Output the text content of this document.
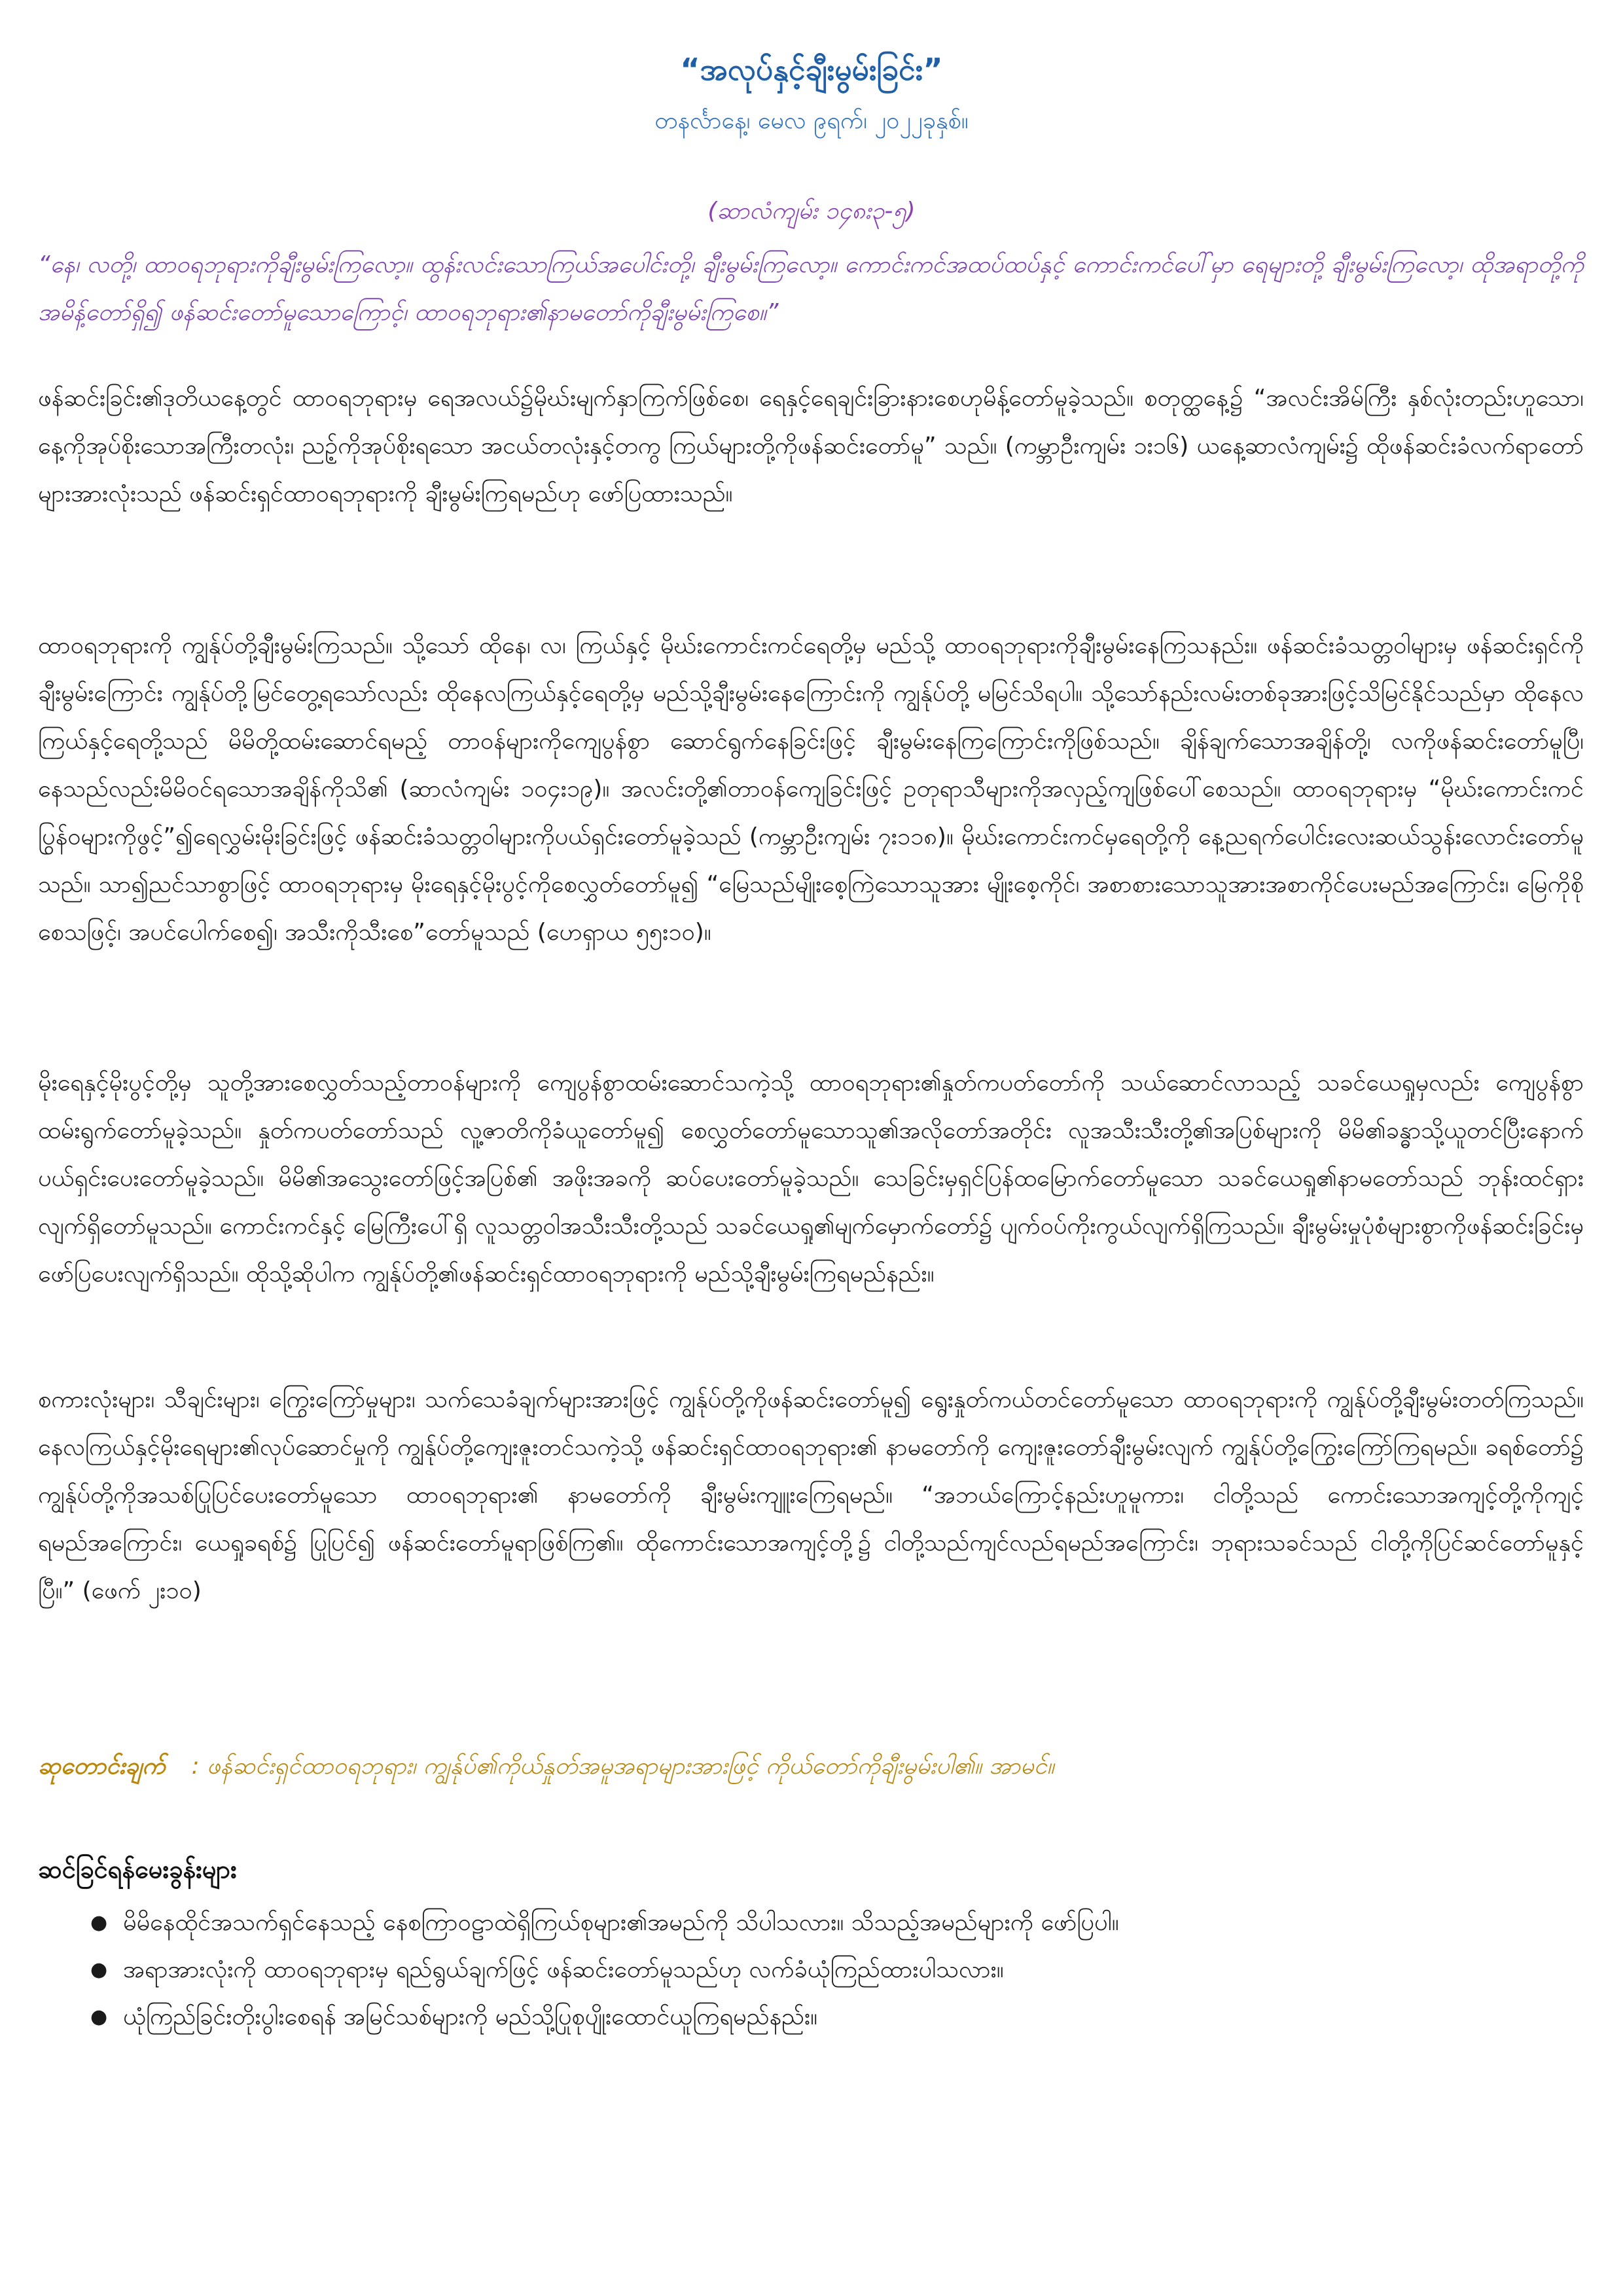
“အလုပ်နှင့်ချီးမွမ်းခြင်း”
တနင်္လာနေ့၊ မေလ ၉ရက်၊ ၂၀၂၂ခုနှစ်။
(ဆာလံကျမ်း ၁၄၈း၃-၅)
“နေ၊ လတို့၊ ထာဝရဘုရားကိုချီးမွမ်းကြလော့။ ထွန်းလင်းသောကြယ်အပေါင်းတို့၊ ချီးမွမ်းကြလော့။ ကောင်းကင်အထပ်ထပ်နှင့် ကောင်းကင်ပေါ်မှာ ရေများတို့ ချီးမွမ်းကြလော့၊ ထိုအရာတို့ကိုအမိန့်တော်ရှိ၍ ဖန်ဆင်းတော်မူသောကြောင့်၊ ထာဝရဘုရား၏နာမတော်ကိုချီးမွမ်းကြစေ။”
ဖန်ဆင်းခြင်း၏ဒုတိယနေ့တွင် ထာဝရဘုရားမှ ရေအလယ်၌မိုဃ်းမျက်နှာကြက်ဖြစ်စေ၊ ရေနှင့်ရေချင်းခြားနားစေဟုမိန့်တော်မူခဲ့သည်။ စတုတ္ထနေ့၌ “အလင်းအိမ်ကြီး နှစ်လုံးတည်းဟူသော၊ နေ့ကိုအုပ်စိုးသောအကြီးတလုံး၊ ညဉ့်ကိုအုပ်စိုးရသော အငယ်တလုံးနှင့်တကွ ကြယ်များတို့ကိုဖန်ဆင်းတော်မူ” သည်။ (ကမ္ဘာဦးကျမ်း ၁း၁၆) ယနေ့ဆာလံကျမ်း၌ ထိုဖန်ဆင်းခံလက်ရာတော်များအားလုံးသည် ဖန်ဆင်းရှင်ထာဝရဘုရားကို ချီးမွမ်းကြရမည်ဟု ဖော်ပြထားသည်။
ထာဝရဘုရားကို ကျွန်ုပ်တို့ချီးမွမ်းကြသည်။ သို့သော် ထိုနေ၊ လ၊ ကြယ်နှင့် မိုဃ်းကောင်းကင်ရေတို့မှ မည်သို့ ထာဝရဘုရားကိုချီးမွမ်းနေကြသနည်း။ ဖန်ဆင်းခံသတ္တဝါများမှ ဖန်ဆင်းရှင်ကိုချီးမွမ်းကြောင်း ကျွန်ုပ်တို့မြင်တွေ့ရသော်လည်း ထိုနေလကြယ်နှင့်ရေတို့မှ မည်သို့ချီးမွမ်းနေကြောင်းကို ကျွန်ုပ်တို့ မမြင်သိရပါ။ သို့သော်နည်းလမ်းတစ်ခုအားဖြင့်သိမြင်နိုင်သည်မှာ ထိုနေလကြယ်နှင့်ရေတို့သည် မိမိတို့ထမ်းဆောင်ရမည့် တာဝန်များကိုကျေပွန်စွာ ဆောင်ရွက်နေခြင်းဖြင့် ချီးမွမ်းနေကြကြောင်းကိုဖြစ်သည်။ ချိန်ချက်သောအချိန်တို့၊ လကိုဖန်ဆင်းတော်မူပြီ၊ နေသည်လည်းမိမိဝင်ရသောအချိန်ကိုသိ၏ (ဆာလံကျမ်း ၁၀၄း၁၉)။ အလင်းတို့၏တာဝန်ကျေခြင်းဖြင့် ဥတုရာသီများကိုအလှည့်ကျဖြစ်ပေါ်စေသည်။ ထာဝရဘုရားမှ “မိုဃ်းကောင်းကင်ပြွန်ဝများကိုဖွင့်”၍ရေလွှမ်းမိုးခြင်းဖြင့် ဖန်ဆင်းခံသတ္တဝါများကိုပယ်ရှင်းတော်မူခဲ့သည် (ကမ္ဘာဦးကျမ်း ၇း၁၁၈)။ မိုဃ်းကောင်းကင်မှရေတို့ကို နေ့ညရက်ပေါင်းလေးဆယ်သွန်းလောင်းတော်မူသည်။ သာ၍ညင်သာစွာဖြင့် ထာဝရဘုရားမှ မိုးရေနှင့်မိုးပွင့်ကိုစေလွှတ်တော်မူ၍ “မြေသည်မျိုးစေ့ကြဲသောသူအား မျိုးစေ့ကိုင်၊ အစာစားသောသူအားအစာကိုင်ပေးမည်အကြောင်း၊ မြေကိုစိုစေသဖြင့်၊ အပင်ပေါက်စေ၍၊ အသီးကိုသီးစေ”တော်မူသည် (ဟေရှာယ ၅၅း၁၀)။
မိုးရေနှင့်မိုးပွင့်တို့မှ သူတို့အားစေလွှတ်သည့်တာဝန်များကို ကျေပွန်စွာထမ်းဆောင်သကဲ့သို့ ထာဝရဘုရား၏နှုတ်ကပတ်တော်ကို သယ်ဆောင်လာသည့် သခင်ယေရှုမှလည်း ကျေပွန်စွာထမ်းရွက်တော်မူခဲ့သည်။ နှုတ်ကပတ်တော်သည် လူ့ဇာတိကိုခံယူတော်မူ၍ စေလွှတ်တော်မူသောသူ၏အလိုတော်အတိုင်း လူအသီးသီးတို့၏အပြစ်များကို မိမိ၏ခန္ဓာသို့ယူတင်ပြီးနောက် ပယ်ရှင်းပေးတော်မူခဲ့သည်။ မိမိ၏အသွေးတော်ဖြင့်အပြစ်၏ အဖိုးအခကို ဆပ်ပေးတော်မူခဲ့သည်။ သေခြင်းမှရှင်ပြန်ထမြောက်တော်မူသော သခင်ယေရှု၏နာမတော်သည် ဘုန်းထင်ရှားလျက်ရှိတော်မူသည်။ ကောင်းကင်နှင့် မြေကြီးပေါ်ရှိ လူသတ္တဝါအသီးသီးတို့သည် သခင်ယေရှု၏မျက်မှောက်တော်၌ ပျက်ဝပ်ကိုးကွယ်လျက်ရှိကြသည်။ ချီးမွမ်းမှုပုံစံများစွာကိုဖန်ဆင်းခြင်းမှ ဖော်ပြပေးလျက်ရှိသည်။ ထိုသို့ဆိုပါက ကျွန်ုပ်တို့၏ဖန်ဆင်းရှင်ထာဝရဘုရားကို မည်သို့ချီးမွမ်းကြရမည်နည်း။
စကားလုံးများ၊ သီချင်းများ၊ ကြွေးကြော်မှုများ၊ သက်သေခံချက်များအားဖြင့် ကျွန်ုပ်တို့ကိုဖန်ဆင်းတော်မူ၍ ရွေးနှုတ်ကယ်တင်တော်မူသော ထာဝရဘုရားကို ကျွန်ုပ်တို့ချီးမွမ်းတတ်ကြသည်။ နေလကြယ်နှင့်မိုးရေများ၏လုပ်ဆောင်မှုကို ကျွန်ုပ်တို့ကျေးဇူးတင်သကဲ့သို့ ဖန်ဆင်းရှင်ထာဝရဘုရား၏ နာမတော်ကို ကျေးဇူးတော်ချီးမွမ်းလျက် ကျွန်ုပ်တို့ကြွေးကြော်ကြရမည်။ ခရစ်တော်၌ ကျွန်ုပ်တို့ကိုအသစ်ပြုပြင်ပေးတော်မူသော ထာဝရဘုရား၏ နာမတော်ကို ချီးမွမ်းကျူးကြေရမည်။ “အဘယ်ကြောင့်နည်းဟူမူကား၊ ငါတို့သည် ကောင်းသောအကျင့်တို့ကိုကျင့်ရမည်အကြောင်း၊ ယေရှုခရစ်၌ ပြုပြင်၍ ဖန်ဆင်းတော်မူရာဖြစ်ကြ၏။ ထိုကောင်းသောအကျင့်တို့၌ ငါတို့သည်ကျင်လည်ရမည်အကြောင်း၊ ဘုရားသခင်သည် ငါတို့ကိုပြင်ဆင်တော်မူနှင့်ပြီ။” (ဖေက် ၂း၁၀)
ဆုတောင်းချက် : ဖန်ဆင်းရှင်ထာဝရဘုရား၊ ကျွန်ုပ်၏ကိုယ်နှုတ်အမူအရာများအားဖြင့် ကိုယ်တော်ကိုချီးမွမ်းပါ၏။ အာမင်။
ဆင်ခြင်ရန်မေးခွန်းများ
● မိမိနေထိုင်အသက်ရှင်နေသည့် နေစကြာဝဠာထဲရှိကြယ်စုများ၏အမည်ကို သိပါသလား။ သိသည့်အမည်များကို ဖော်ပြပါ။
● အရာအားလုံးကို ထာဝရဘုရားမှ ရည်ရွယ်ချက်ဖြင့် ဖန်ဆင်းတော်မူသည်ဟု လက်ခံယုံကြည်ထားပါသလား။
● ယုံကြည်ခြင်းတိုးပွါးစေရန် အမြင်သစ်များကို မည်သို့ပြုစုပျိုးထောင်ယူကြရမည်နည်း။
